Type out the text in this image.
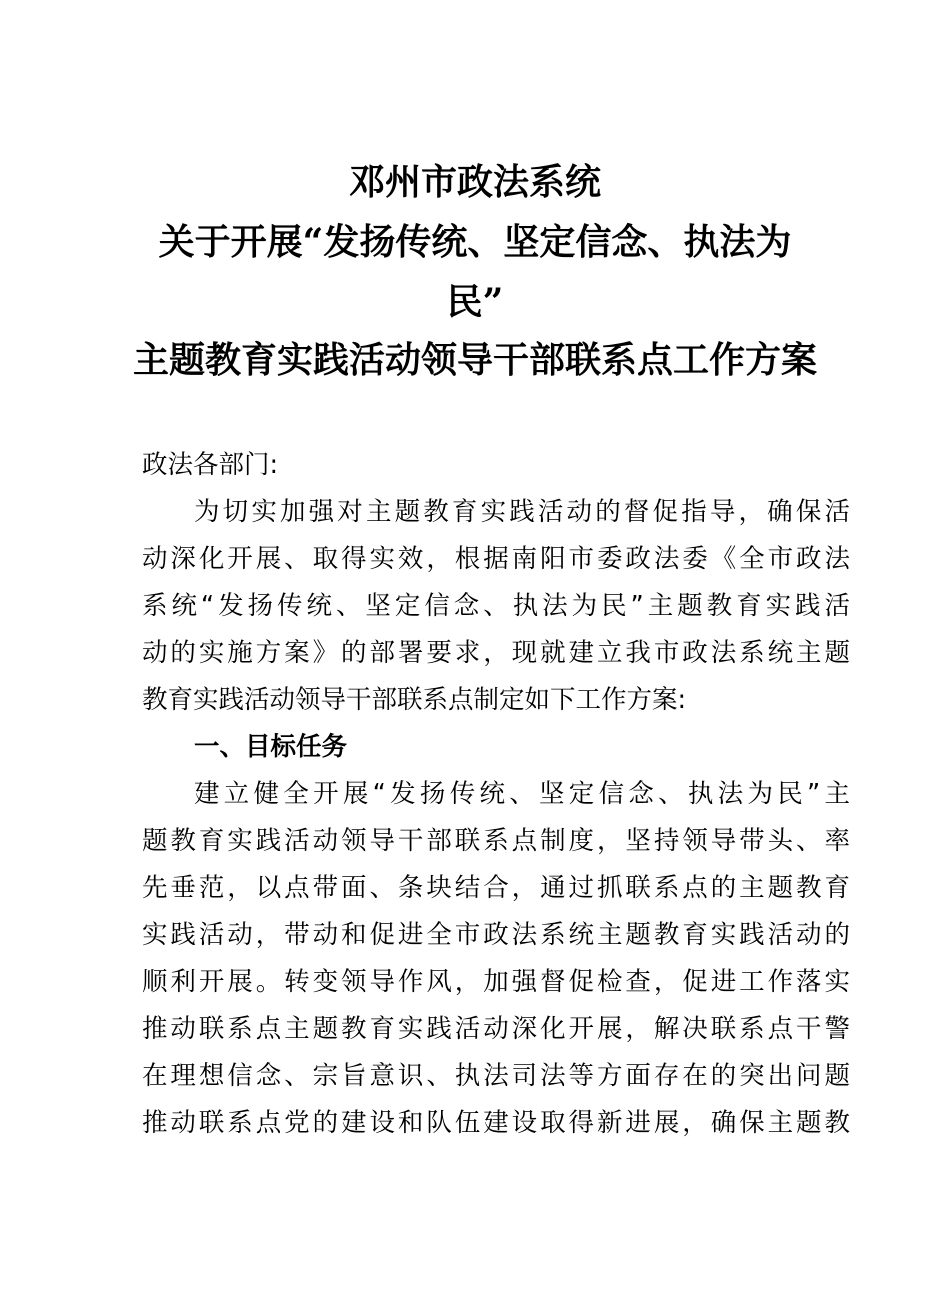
邓州市政法系统
关于开展“发扬传统、坚定信念、执法为
民”
主题教育实践活动领导干部联系点工作方案
政法各部门:
为切实加强对主题教育实践活动的督促指导，确保活
动深化开展、取得实效，根据南阳市委政法委《全市政法
系统“发扬传统、坚定信念、执法为民”主题教育实践活
动的实施方案》的部署要求，现就建立我市政法系统主题
教育实践活动领导干部联系点制定如下工作方案:
一、目标任务
建立健全开展“发扬传统、坚定信念、执法为民”主
题教育实践活动领导干部联系点制度，坚持领导带头、率
先垂范，以点带面、条块结合，通过抓联系点的主题教育
实践活动，带动和促进全市政法系统主题教育实践活动的
顺利开展。转变领导作风，加强督促检查，促进工作落实
推动联系点主题教育实践活动深化开展，解决联系点干警
在理想信念、宗旨意识、执法司法等方面存在的突出问题
推动联系点党的建设和队伍建设取得新进展，确保主题教
